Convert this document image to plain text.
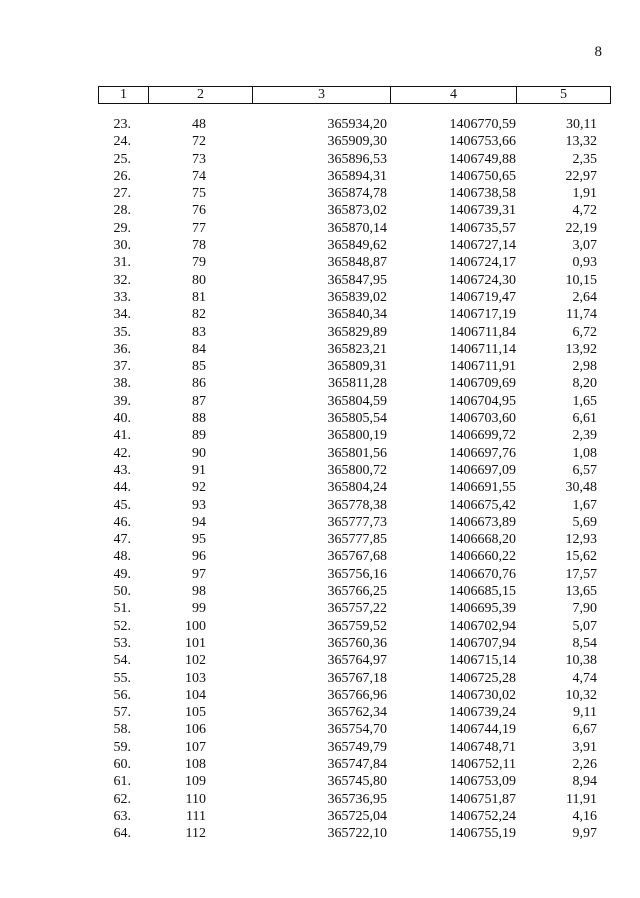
8
1	2	3	4	5
23.	48	365934,20	1406770,59	30,11
24.	72	365909,30	1406753,66	13,32
25.	73	365896,53	1406749,88	2,35
26.	74	365894,31	1406750,65	22,97
27.	75	365874,78	1406738,58	1,91
28.	76	365873,02	1406739,31	4,72
29.	77	365870,14	1406735,57	22,19
30.	78	365849,62	1406727,14	3,07
31.	79	365848,87	1406724,17	0,93
32.	80	365847,95	1406724,30	10,15
33.	81	365839,02	1406719,47	2,64
34.	82	365840,34	1406717,19	11,74
35.	83	365829,89	1406711,84	6,72
36.	84	365823,21	1406711,14	13,92
37.	85	365809,31	1406711,91	2,98
38.	86	365811,28	1406709,69	8,20
39.	87	365804,59	1406704,95	1,65
40.	88	365805,54	1406703,60	6,61
41.	89	365800,19	1406699,72	2,39
42.	90	365801,56	1406697,76	1,08
43.	91	365800,72	1406697,09	6,57
44.	92	365804,24	1406691,55	30,48
45.	93	365778,38	1406675,42	1,67
46.	94	365777,73	1406673,89	5,69
47.	95	365777,85	1406668,20	12,93
48.	96	365767,68	1406660,22	15,62
49.	97	365756,16	1406670,76	17,57
50.	98	365766,25	1406685,15	13,65
51.	99	365757,22	1406695,39	7,90
52.	100	365759,52	1406702,94	5,07
53.	101	365760,36	1406707,94	8,54
54.	102	365764,97	1406715,14	10,38
55.	103	365767,18	1406725,28	4,74
56.	104	365766,96	1406730,02	10,32
57.	105	365762,34	1406739,24	9,11
58.	106	365754,70	1406744,19	6,67
59.	107	365749,79	1406748,71	3,91
60.	108	365747,84	1406752,11	2,26
61.	109	365745,80	1406753,09	8,94
62.	110	365736,95	1406751,87	11,91
63.	111	365725,04	1406752,24	4,16
64.	112	365722,10	1406755,19	9,97
